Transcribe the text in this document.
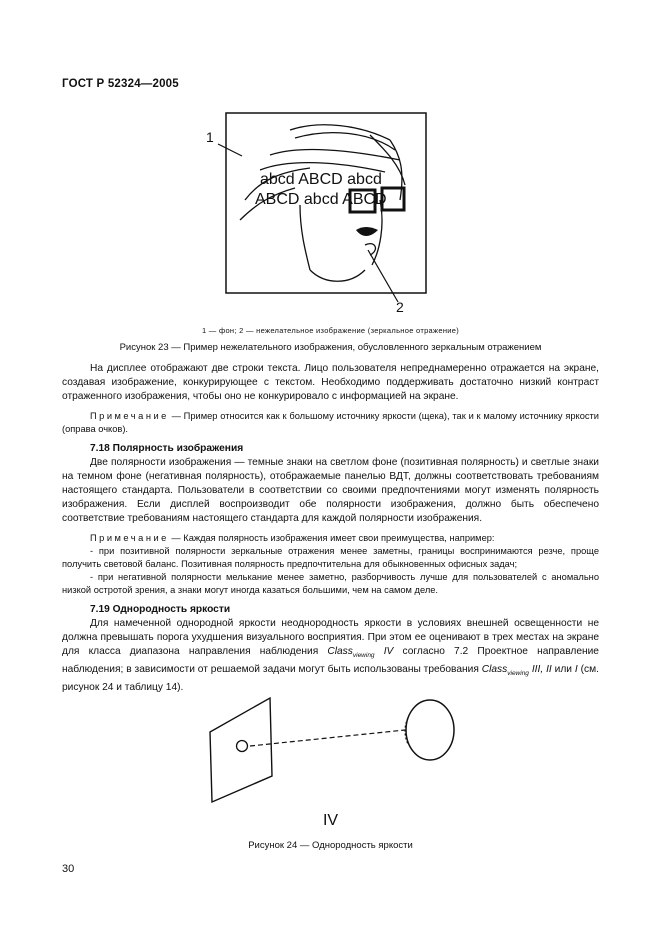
ГОСТ Р 52324—2005
abcd ABCD abcd
ABCD abcd ABCD
1
2
1 — фон; 2 — нежелательное изображение (зеркальное отражение)
Рисунок 23 — Пример нежелательного изображения, обусловленного зеркальным отражением

На дисплее отображают две строки текста. Лицо пользователя непреднамеренно отражается на экране, создавая изображение, конкурирующее с текстом. Необходимо поддерживать достаточно низкий контраст отраженного изображения, чтобы оно не конкурировало с информацией на экране.

Примечание — Пример относится как к большому источнику яркости (щека), так и к малому источнику яркости (оправа очков).

7.18 Полярность изображения

Две полярности изображения — темные знаки на светлом фоне (позитивная полярность) и светлые знаки на темном фоне (негативная полярность), отображаемые панелью ВДТ, должны соответствовать требованиям настоящего стандарта. Пользователи в соответствии со своими предпочтениями могут изменять полярность изображения. Если дисплей воспроизводит обе полярности изображения, должно быть обеспечено соответствие требованиям настоящего стандарта для каждой полярности изображения.

Примечание — Каждая полярность изображения имеет свои преимущества, например:

- при позитивной полярности зеркальные отражения менее заметны, границы воспринимаются резче, проще получить световой баланс. Позитивная полярность предпочтительна для обыкновенных офисных задач;

- при негативной полярности мелькание менее заметно, разборчивость лучше для пользователей с аномально низкой остротой зрения, а знаки могут иногда казаться большими, чем на самом деле.

7.19 Однородность яркости

Для намеченной однородной яркости неоднородность яркости в условиях внешней освещенности не должна превышать порога ухудшения визуального восприятия. При этом ее оценивают в трех местах на экране для класса диапазона направления наблюдения Class$_{viewing}$ IV согласно 7.2 Проектное направление наблюдения; в зависимости от решаемой задачи могут быть использованы требования Class$_{viewing}$ III, II или I (см. рисунок 24 и таблицу 14).

IV
Рисунок 24 — Однородность яркости
30
